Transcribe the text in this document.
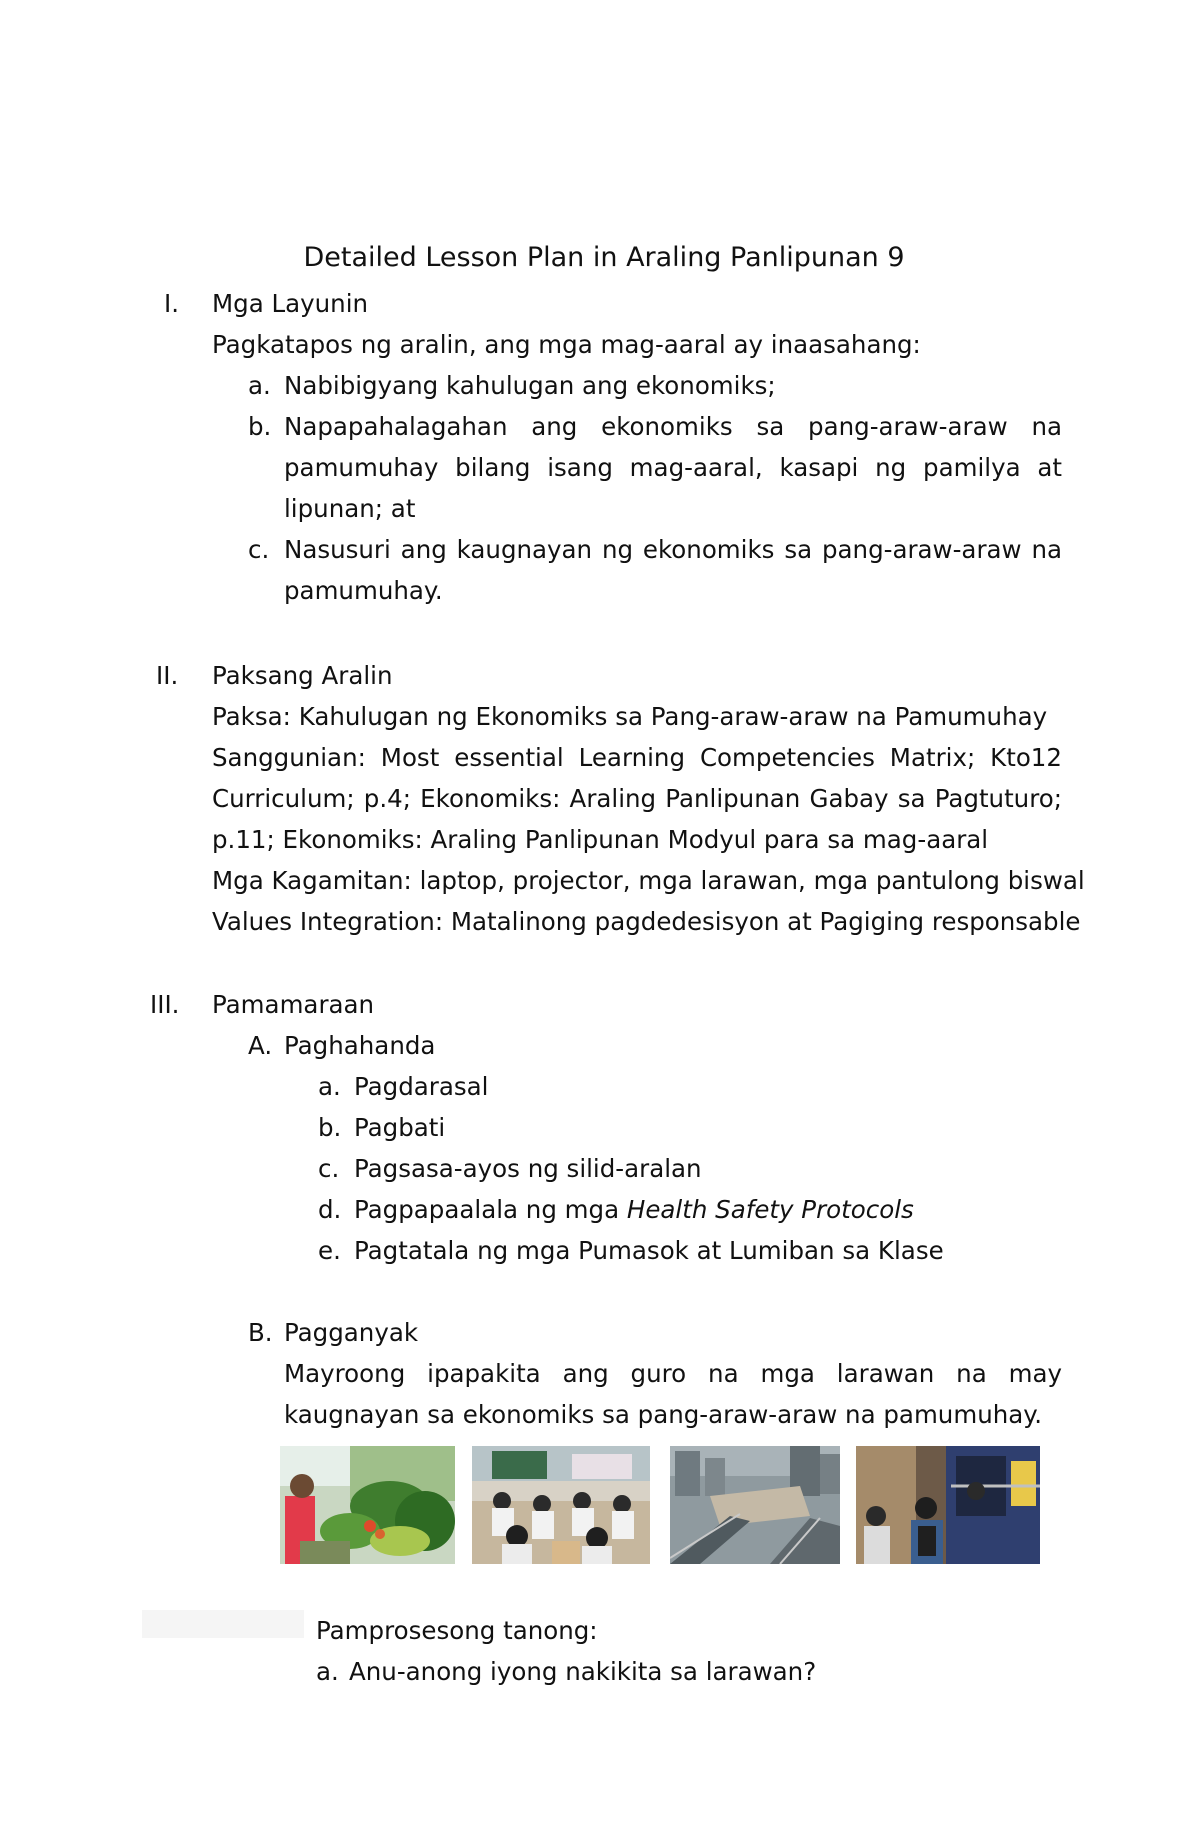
Detailed Lesson Plan in Araling Panlipunan 9
I.	Mga Layunin
Pagkatapos ng aralin, ang mga mag-aaral ay inaasahang:
a. Nabibigyang kahulugan ang ekonomiks;
b. Napapahalagahan ang ekonomiks sa pang-araw-araw na
pamumuhay bilang isang mag-aaral, kasapi ng pamilya at
lipunan; at
c. Nasusuri ang kaugnayan ng ekonomiks sa pang-araw-araw na
pamumuhay.
II.	Paksang Aralin
Paksa: Kahulugan ng Ekonomiks sa Pang-araw-araw na Pamumuhay
Sanggunian: Most essential Learning Competencies Matrix; Kto12
Curriculum; p.4; Ekonomiks: Araling Panlipunan Gabay sa Pagtuturo;
p.11; Ekonomiks: Araling Panlipunan Modyul para sa mag-aaral
Mga Kagamitan: laptop, projector, mga larawan, mga pantulong biswal
Values Integration: Matalinong pagdedesisyon at Pagiging responsable
III.	Pamamaraan
A. Paghahanda
a. Pagdarasal
b. Pagbati
c. Pagsasa-ayos ng silid-aralan
d. Pagpapaalala ng mga Health Safety Protocols
e. Pagtatala ng mga Pumasok at Lumiban sa Klase
B. Pagganyak
Mayroong ipapakita ang guro na mga larawan na may
kaugnayan sa ekonomiks sa pang-araw-araw na pamumuhay.
Pamprosesong tanong:
a. Anu-anong iyong nakikita sa larawan?
